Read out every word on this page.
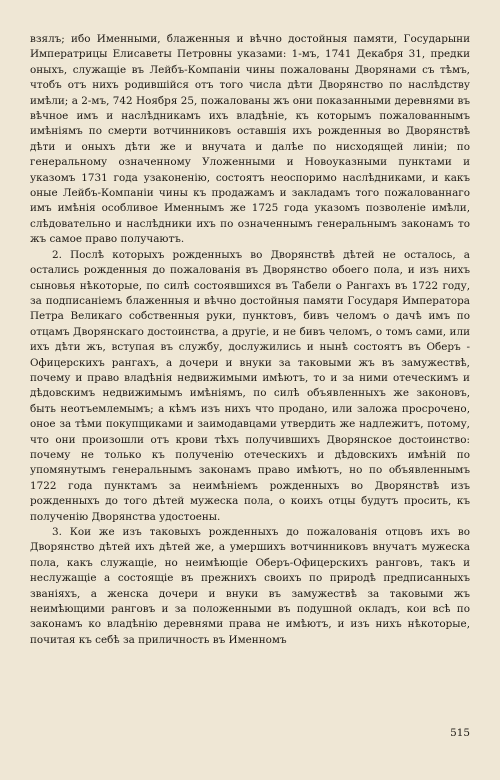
взялъ; ибо Именными, блаженныя и вѣчно достойныя памяти, Государыни Императрицы Елисаветы Петровны указами: 1-мъ, 1741 Декабря 31, предки оныхъ, служащіе въ Лейбъ-Компаніи чины пожалованы Дворянами съ тѣмъ, чтобъ отъ нихъ родившійся отъ того числа дѣти Дворянство по наслѣдству имѣли; а 2-мъ, 742 Ноября 25, пожалованы жъ они показанными деревнями въ вѣчное имъ и наслѣдникамъ ихъ владѣніе, къ которымъ пожалованнымъ имѣніямъ по смерти вотчинниковъ оставшія ихъ рожденныя во Дворянствѣ дѣти и оныхъ дѣти же и внучата и далѣе по нисходящей линіи; по генеральному означенному Уложенными и Новоуказными пунктами и указомъ 1731 года узаконенію, состоятъ неоспоримо наслѣдниками, и какъ оные Лейбъ-Компаніи чины къ продажамъ и закладамъ того пожалованнаго имъ имѣнія особливое Именнымъ же 1725 года указомъ позволеніе имѣли, слѣдовательно и наслѣдники ихъ по означеннымъ генеральнымъ законамъ то жъ самое право получаютъ.

2. Послѣ которыхъ рожденныхъ во Дворянствѣ дѣтей не осталось, а остались рожденныя до пожалованія въ Дворянство обоего пола, и изъ нихъ сыновья нѣкоторые, по силѣ состоявшихся въ Табели о Рангахъ въ 1722 году, за подписаніемъ блаженныя и вѣчно достойныя памяти Государя Императора Петра Великаго собственныя руки, пунктовъ, бивъ челомъ о дачѣ имъ по отцамъ Дворянскаго достоинства, а другіе, и не бивъ челомъ, о томъ сами, или ихъ дѣти жъ, вступая въ службу, дослужились и нынѣ состоятъ въ Оберъ - Офицерскихъ рангахъ, а дочери и внуки за таковыми жъ въ замужествѣ, почему и право владѣнія недвижимыми имѣютъ, то и за ними отеческимъ и дѣдовскимъ недвижимымъ имѣніямъ, по силѣ объявленныхъ же законовъ, быть неотъемлемымъ; а кѣмъ изъ нихъ что продано, или заложа просрочено, оное за тѣми покупщиками и заимодавцами утвердить же надлежитъ, потому, что они произошли отъ крови тѣхъ получившихъ Дворянское достоинство: почему не только къ полученію отеческихъ и дѣдовскихъ имѣній по упомянутымъ генеральнымъ законамъ право имѣютъ, но по объявленнымъ 1722 года пунктамъ за неимѣніемъ рожденныхъ во Дворянствѣ изъ рожденныхъ до того дѣтей мужеска пола, о коихъ отцы будутъ просить, къ полученію Дворянства удостоены.

3. Кои же изъ таковыхъ рожденныхъ до пожалованія отцовъ ихъ во Дворянство дѣтей ихъ дѣтей же, а умершихъ вотчинниковъ внучатъ мужеска пола, какъ служащіе, но неимѣющіе Оберъ-Офицерскихъ ранговъ, такъ и неслужащіе а состоящіе въ прежнихъ своихъ по природѣ предписанныхъ званіяхъ, а женска дочери и внуки въ замужествѣ за таковыми жъ неимѣющими ранговъ и за положенными въ подушной окладъ, кои всѣ по законамъ ко владѣнію деревнями права не имѣютъ, и изъ нихъ нѣкоторые, почитая къ себѣ за приличность въ Именномъ

515
